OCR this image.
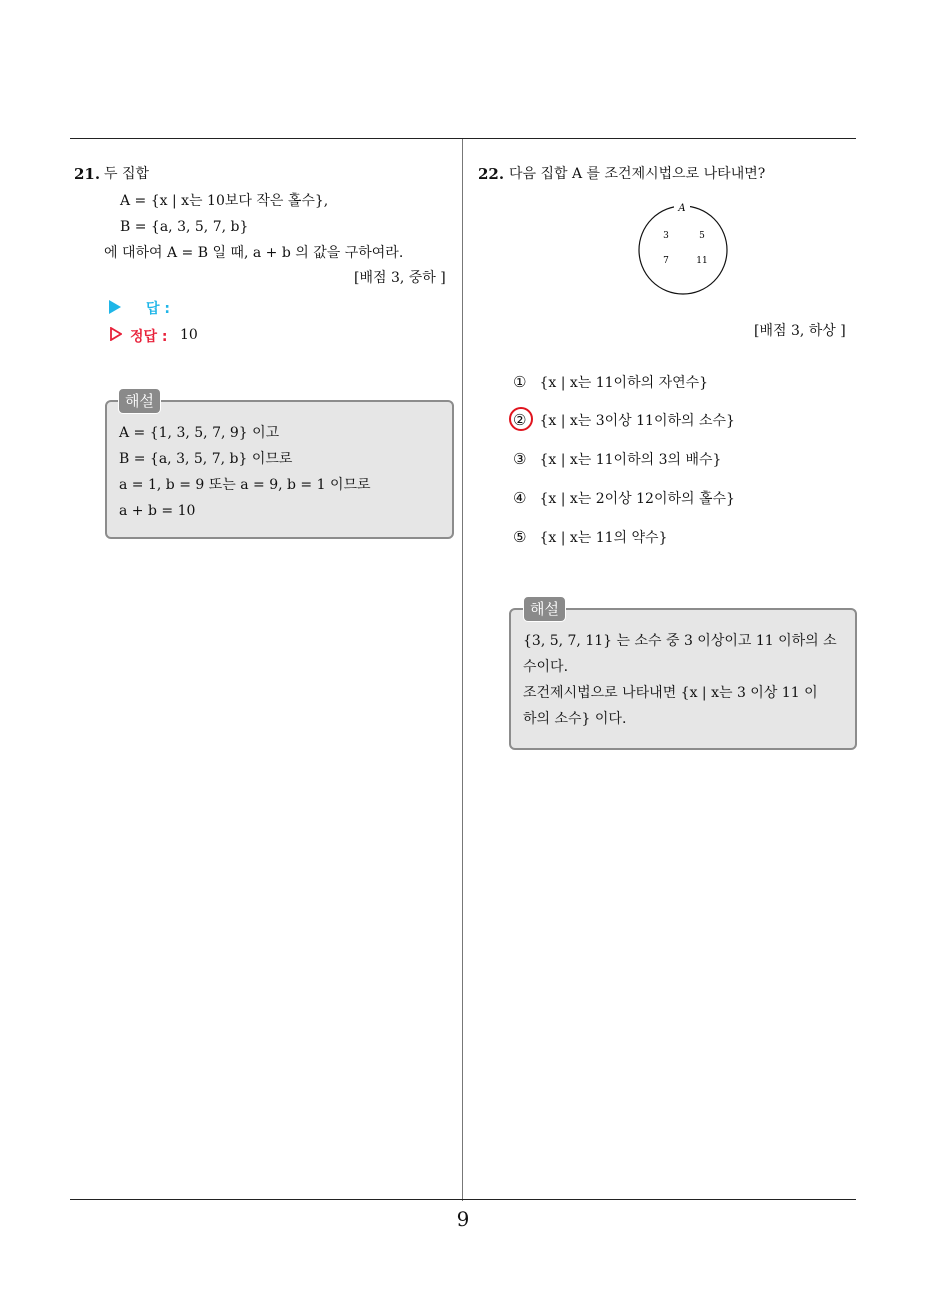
21. 두 집합
A = {x | x는 10보다 작은 홀수},
B = {a, 3, 5, 7, b}
에 대하여 A = B 일 때, a + b 의 값을 구하여라.
[배점 3, 중하 ]
답 :
정답 : 10
A = {1, 3, 5, 7, 9} 이고
B = {a, 3, 5, 7, b} 이므로
a = 1, b = 9 또는 a = 9, b = 1 이므로
a + b = 10
해설
22. 다음 집합 A 를 조건제시법으로 나타내면?
A
3	5
7	11
[배점 3, 하상 ]
① {x | x는 11이하의 자연수}
② {x | x는 3이상 11이하의 소수}
③ {x | x는 11이하의 3의 배수}
④ {x | x는 2이상 12이하의 홀수}
⑤ {x | x는 11의 약수}
{3, 5, 7, 11} 는 소수 중 3 이상이고 11 이하의 소
수이다.
조건제시법으로 나타내면 {x | x는 3 이상 11 이
하의 소수} 이다.
해설
9
